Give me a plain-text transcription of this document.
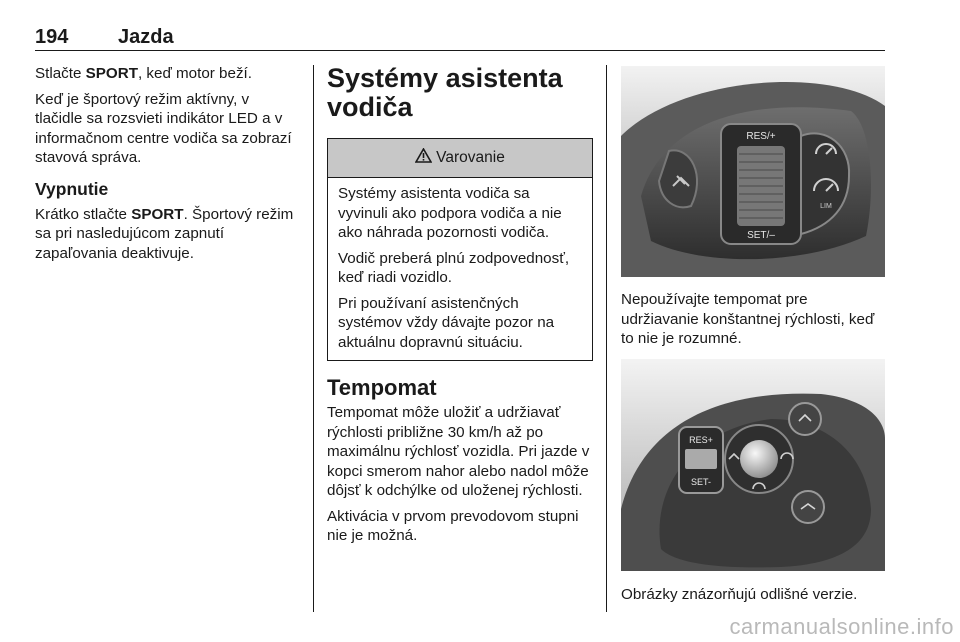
194 Jazda

Stlačte SPORT, keď motor beží.

Keď je športový režim aktívny, v tlačidle sa rozsvieti indikátor LED a v informačnom centre vodiča sa zobrazí stavová správa.

Vypnutie

Krátko stlačte SPORT. Športový režim sa pri nasledujúcom zapnutí zapaľovania deaktivuje.

Systémy asistenta vodiča
Varovanie

Systémy asistenta vodiča sa vyvinuli ako podpora vodiča a nie ako náhrada pozornosti vodiča.

Vodič preberá plnú zodpovednosť, keď riadi vozidlo.

Pri používaní asistenčných systémov vždy dávajte pozor na aktuálnu dopravnú situáciu.

Tempomat

Tempomat môže uložiť a udržiavať rýchlosti približne 30 km/h až po maximálnu rýchlosť vozidla. Pri jazde v kopci smerom nahor alebo nadol môže dôjsť k odchýlke od uloženej rýchlosti.

Aktivácia v prvom prevodovom stupni nie je možná.

RES/+
SET/–
LIM

Nepoužívajte tempomat pre udržiavanie konštantnej rýchlosti, keď to nie je rozumné.

RES+
SET-

Obrázky znázorňujú odlišné verzie.

carmanualsonline.info
